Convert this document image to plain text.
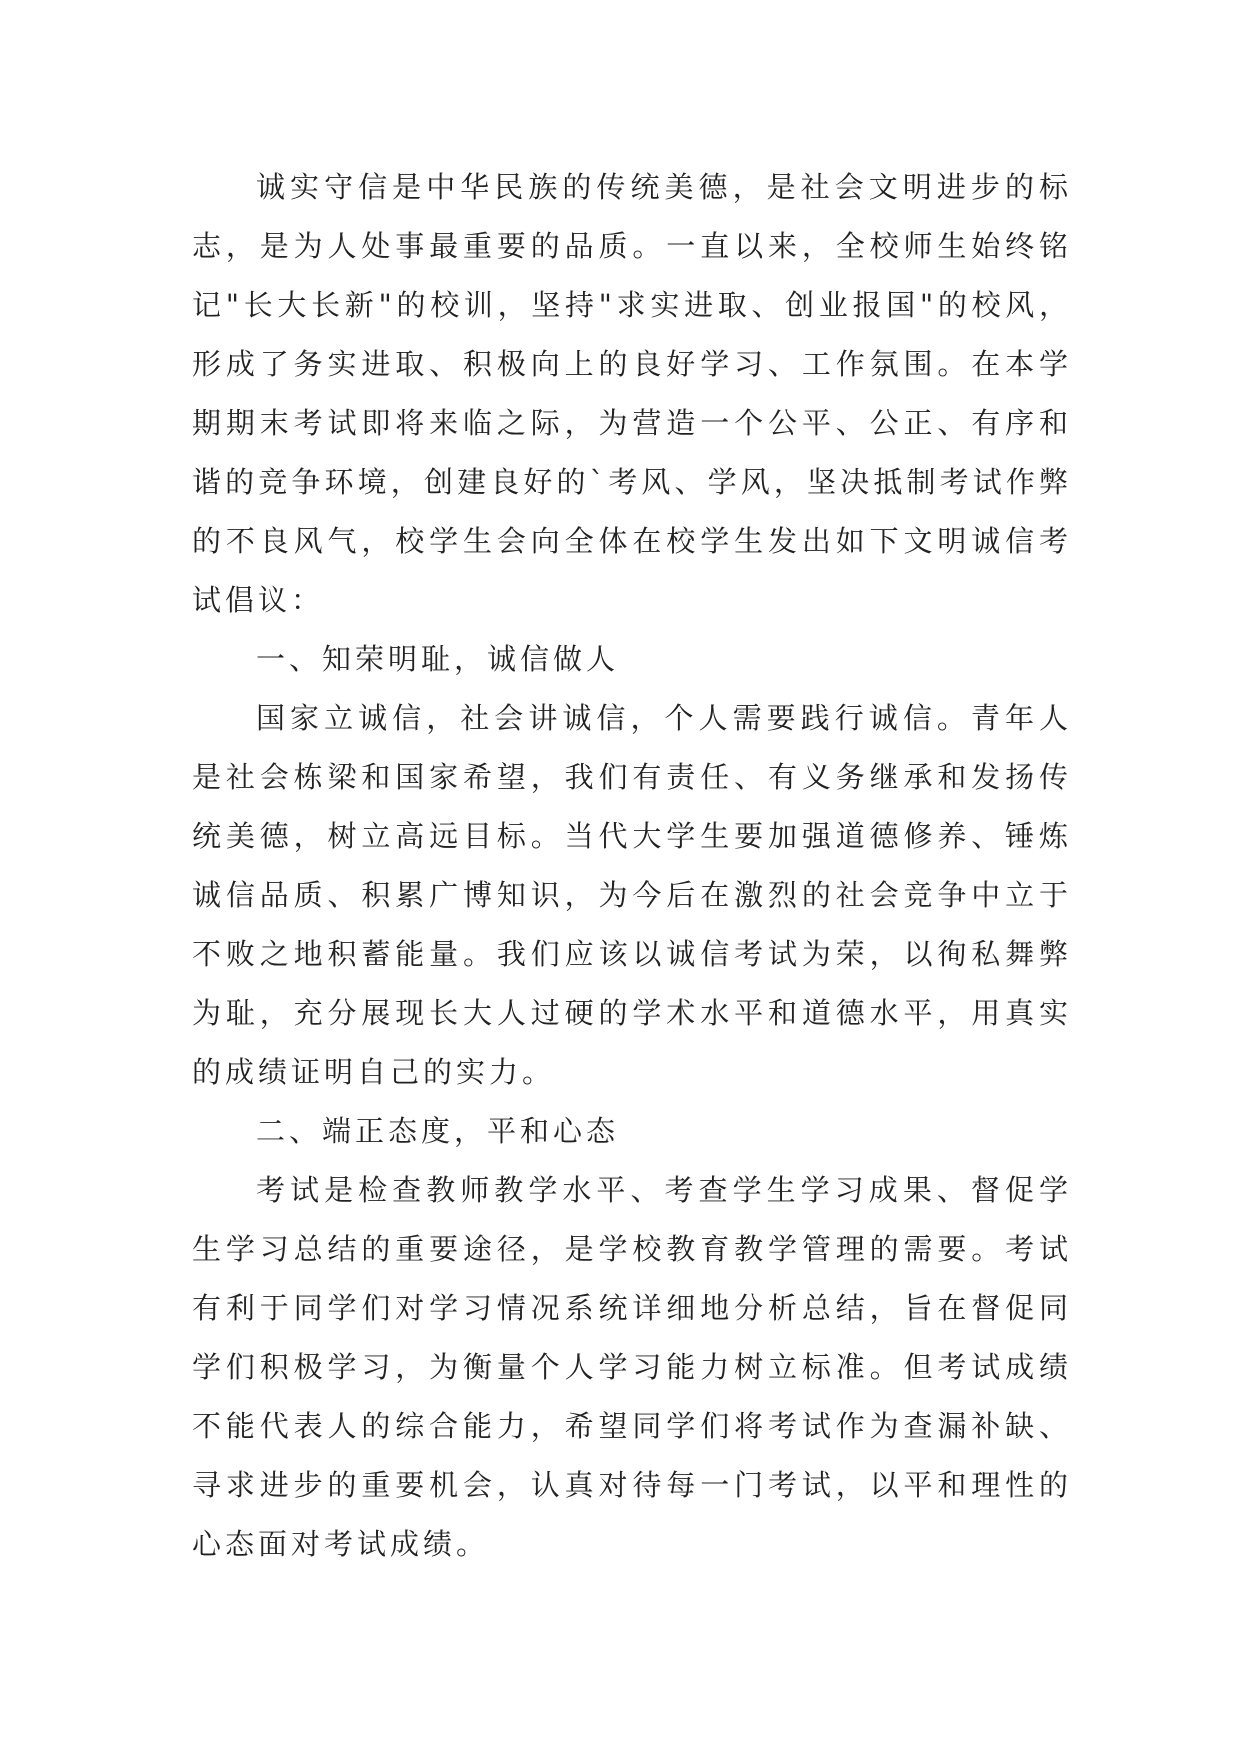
诚实守信是中华民族的传统美德，是社会文明进步的标志，是为人处事最重要的品质。一直以来，全校师生始终铭记"长大长新"的校训，坚持"求实进取、创业报国"的校风，形成了务实进取、积极向上的良好学习、工作氛围。在本学期期末考试即将来临之际，为营造一个公平、公正、有序和谐的竞争环境，创建良好的`考风、学风，坚决抵制考试作弊的不良风气，校学生会向全体在校学生发出如下文明诚信考试倡议：

一、知荣明耻，诚信做人

国家立诚信，社会讲诚信，个人需要践行诚信。青年人是社会栋梁和国家希望，我们有责任、有义务继承和发扬传统美德，树立高远目标。当代大学生要加强道德修养、锤炼诚信品质、积累广博知识，为今后在激烈的社会竞争中立于不败之地积蓄能量。我们应该以诚信考试为荣，以徇私舞弊为耻，充分展现长大人过硬的学术水平和道德水平，用真实的成绩证明自己的实力。

二、端正态度，平和心态

考试是检查教师教学水平、考查学生学习成果、督促学生学习总结的重要途径，是学校教育教学管理的需要。考试有利于同学们对学习情况系统详细地分析总结，旨在督促同学们积极学习，为衡量个人学习能力树立标准。但考试成绩不能代表人的综合能力，希望同学们将考试作为查漏补缺、寻求进步的重要机会，认真对待每一门考试，以平和理性的心态面对考试成绩。
